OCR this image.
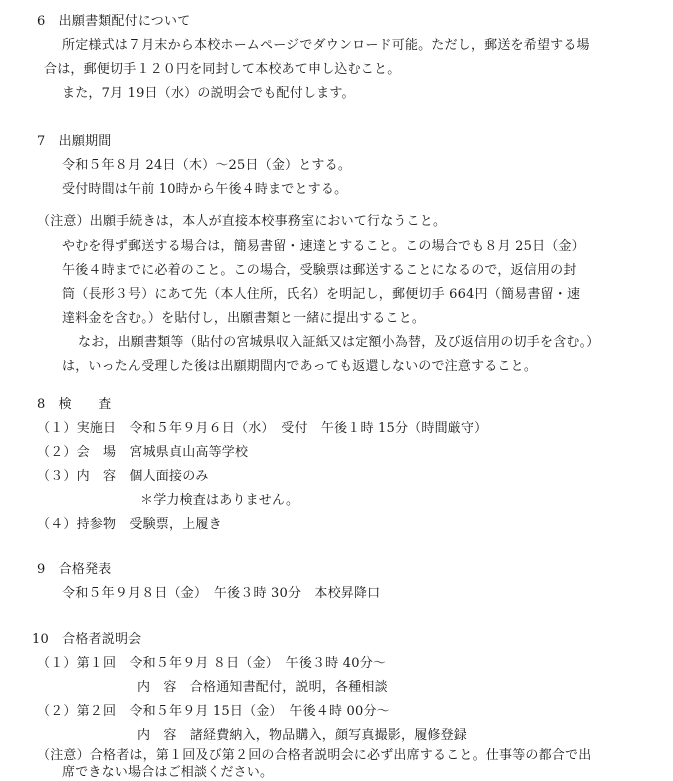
6　出願書類配付について
所定様式は７月末から本校ホームページでダウンロード可能。ただし，郵送を希望する場
合は，郵便切手１２０円を同封して本校あて申し込むこと。
また，7月 19日（水）の説明会でも配付します。
7　出願期間
令和５年８月 24日（木）～25日（金）とする。
受付時間は午前 10時から午後４時までとする。
（注意）出願手続きは，本人が直接本校事務室において行なうこと。
やむを得ず郵送する場合は，簡易書留・速達とすること。この場合でも８月 25日（金）
午後４時までに必着のこと。この場合，受験票は郵送することになるので，返信用の封
筒（長形３号）にあて先（本人住所，氏名）を明記し，郵便切手 664円（簡易書留・速
達料金を含む。）を貼付し，出願書類と一緒に提出すること。
なお，出願書類等（貼付の宮城県収入証紙又は定額小為替，及び返信用の切手を含む。）
は，いったん受理した後は出願期間内であっても返還しないので注意すること。
8　検　　査
（１）実施日　令和５年９月６日（水）　受付　午後１時 15分（時間厳守）
（２）会　場　宮城県貞山高等学校
（３）内　容　個人面接のみ
＊学力検査はありません。
（４）持参物　受験票，上履き
9　合格発表
令和５年９月８日（金）　午後３時 30分　本校昇降口
10　合格者説明会
（１）第１回　令和５年９月 ８日（金）　午後３時 40分～
内　容　合格通知書配付，説明，各種相談
（２）第２回　令和５年９月 15日（金）　午後４時 00分～
内　容　諸経費納入，物品購入，顔写真撮影，履修登録
（注意）合格者は，第１回及び第２回の合格者説明会に必ず出席すること。仕事等の都合で出
席できない場合はご相談ください。
